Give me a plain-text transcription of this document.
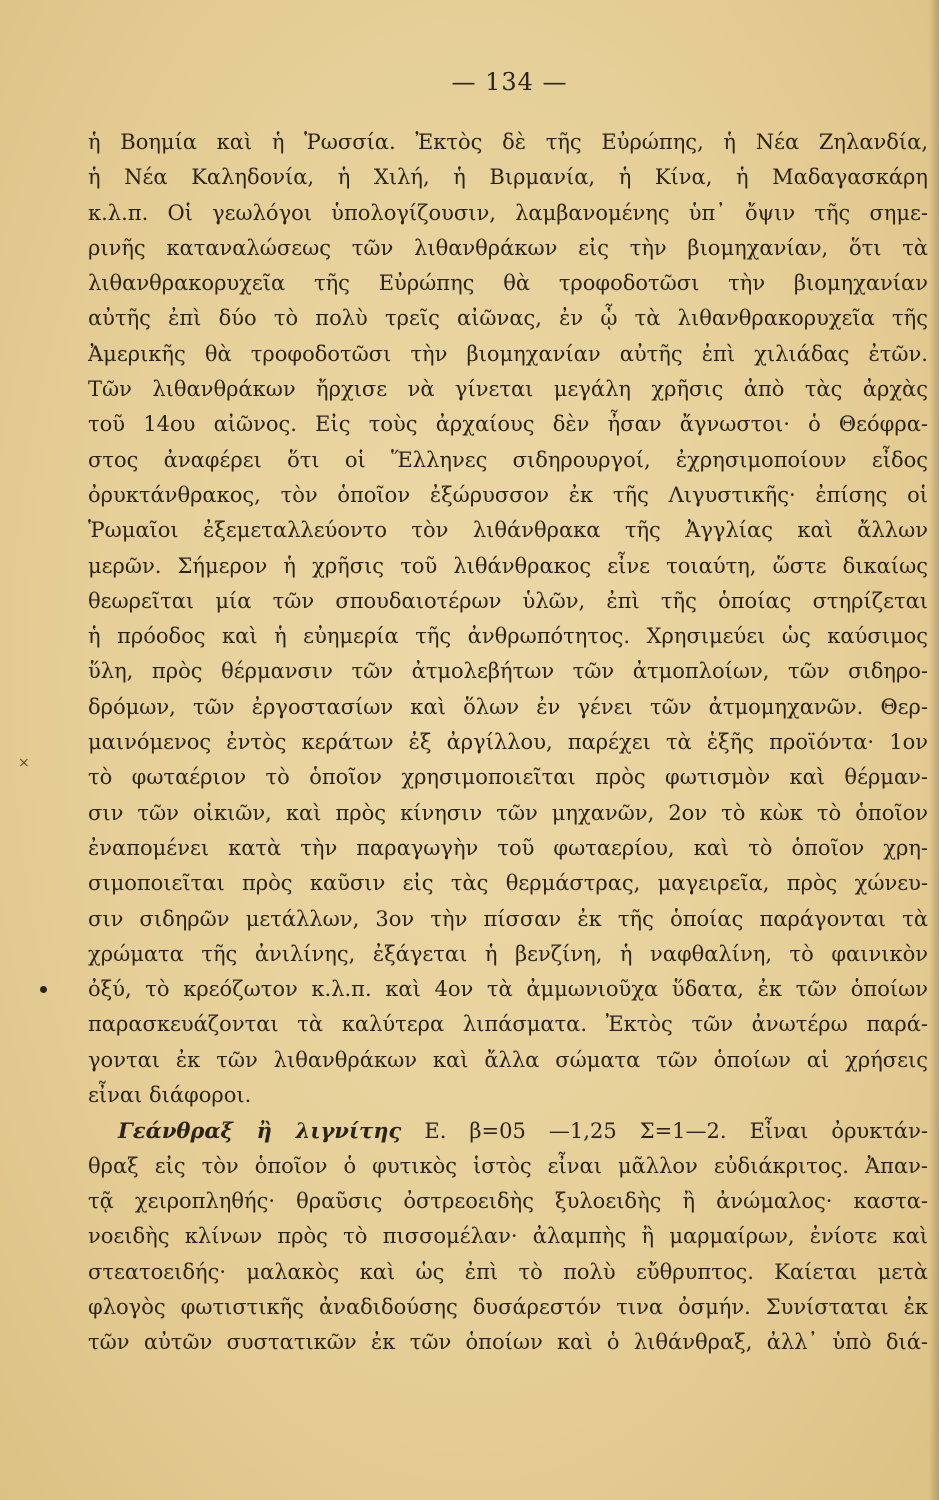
— 134 —
×
ἡ Βοημία καὶ ἡ Ῥωσσία. Ἐκτὸς δὲ τῆς Εὐρώπης, ἡ Νέα Ζηλανδία,
ἡ Νέα Καληδονία, ἡ Χιλή, ἡ Βιρμανία, ἡ Κίνα, ἡ Μαδαγασκάρη
κ.λ.π. Οἱ γεωλόγοι ὑπολογίζουσιν, λαμβανομένης ὑπ᾽ ὄψιν τῆς σημε-
ρινῆς καταναλώσεως τῶν λιθανθράκων εἰς τὴν βιομηχανίαν, ὅτι τὰ
λιθανθρακορυχεῖα τῆς Εὐρώπης θὰ τροφοδοτῶσι τὴν βιομηχανίαν
αὐτῆς ἐπὶ δύο τὸ πολὺ τρεῖς αἰῶνας, ἐν ᾧ τὰ λιθανθρακορυχεῖα τῆς
Ἀμερικῆς θὰ τροφοδοτῶσι τὴν βιομηχανίαν αὐτῆς ἐπὶ χιλιάδας ἐτῶν.
Τῶν λιθανθράκων ἤρχισε νὰ γίνεται μεγάλη χρῆσις ἀπὸ τὰς ἀρχὰς
τοῦ 14ου αἰῶνος. Εἰς τοὺς ἀρχαίους δὲν ἦσαν ἄγνωστοι· ὁ Θεόφρα-
στος ἀναφέρει ὅτι οἱ Ἕλληνες σιδηρουργοί, ἐχρησιμοποίουν εἶδος
ὀρυκτάνθρακος, τὸν ὁποῖον ἐξώρυσσον ἐκ τῆς Λιγυστικῆς· ἐπίσης οἱ
Ῥωμαῖοι ἐξεμεταλλεύοντο τὸν λιθάνθρακα τῆς Ἀγγλίας καὶ ἄλλων
μερῶν. Σήμερον ἡ χρῆσις τοῦ λιθάνθρακος εἶνε τοιαύτη, ὥστε δικαίως
θεωρεῖται μία τῶν σπουδαιοτέρων ὑλῶν, ἐπὶ τῆς ὁποίας στηρίζεται
ἡ πρόοδος καὶ ἡ εὐημερία τῆς ἀνθρωπότητος. Χρησιμεύει ὡς καύσιμος
ὕλη, πρὸς θέρμανσιν τῶν ἀτμολεβήτων τῶν ἀτμοπλοίων, τῶν σιδηρο-
δρόμων, τῶν ἐργοστασίων καὶ ὅλων ἐν γένει τῶν ἀτμομηχανῶν. Θερ-
μαινόμενος ἐντὸς κεράτων ἐξ ἀργίλλου, παρέχει τὰ ἑξῆς προϊόντα· 1ον
τὸ φωταέριον τὸ ὁποῖον χρησιμοποιεῖται πρὸς φωτισμὸν καὶ θέρμαν-
σιν τῶν οἰκιῶν, καὶ πρὸς κίνησιν τῶν μηχανῶν, 2ον τὸ κὼκ τὸ ὁποῖον
ἐναπομένει κατὰ τὴν παραγωγὴν τοῦ φωταερίου, καὶ τὸ ὁποῖον χρη-
σιμοποιεῖται πρὸς καῦσιν εἰς τὰς θερμάστρας, μαγειρεῖα, πρὸς χώνευ-
σιν σιδηρῶν μετάλλων, 3ον τὴν πίσσαν ἐκ τῆς ὁποίας παράγονται τὰ
χρώματα τῆς ἀνιλίνης, ἐξάγεται ἡ βενζίνη, ἡ ναφθαλίνη, τὸ φαινικὸν
ὀξύ, τὸ κρεόζωτον κ.λ.π. καὶ 4ον τὰ ἀμμωνιοῦχα ὕδατα, ἐκ τῶν ὁποίων
παρασκευάζονται τὰ καλύτερα λιπάσματα. Ἐκτὸς τῶν ἀνωτέρω παρά-
γονται ἐκ τῶν λιθανθράκων καὶ ἄλλα σώματα τῶν ὁποίων αἱ χρήσεις
εἶναι διάφοροι.
Γεάνθραξ ἢ λιγνίτης Ε. β=05 —1,25 Σ=1—2. Εἶναι ὀρυκτάν-
θραξ εἰς τὸν ὁποῖον ὁ φυτικὸς ἱστὸς εἶναι μᾶλλον εὐδιάκριτος. Ἀπαν-
τᾷ χειροπληθής· θραῦσις ὀστρεοειδὴς ξυλοειδὴς ἢ ἀνώμαλος· καστα-
νοειδὴς κλίνων πρὸς τὸ πισσομέλαν· ἀλαμπὴς ἢ μαρμαίρων, ἐνίοτε καὶ
στεατοειδής· μαλακὸς καὶ ὡς ἐπὶ τὸ πολὺ εὔθρυπτος. Καίεται μετὰ
φλογὸς φωτιστικῆς ἀναδιδούσης δυσάρεστόν τινα ὀσμήν. Συνίσταται ἐκ
τῶν αὐτῶν συστατικῶν ἐκ τῶν ὁποίων καὶ ὁ λιθάνθραξ, ἀλλ᾽ ὑπὸ διά-
